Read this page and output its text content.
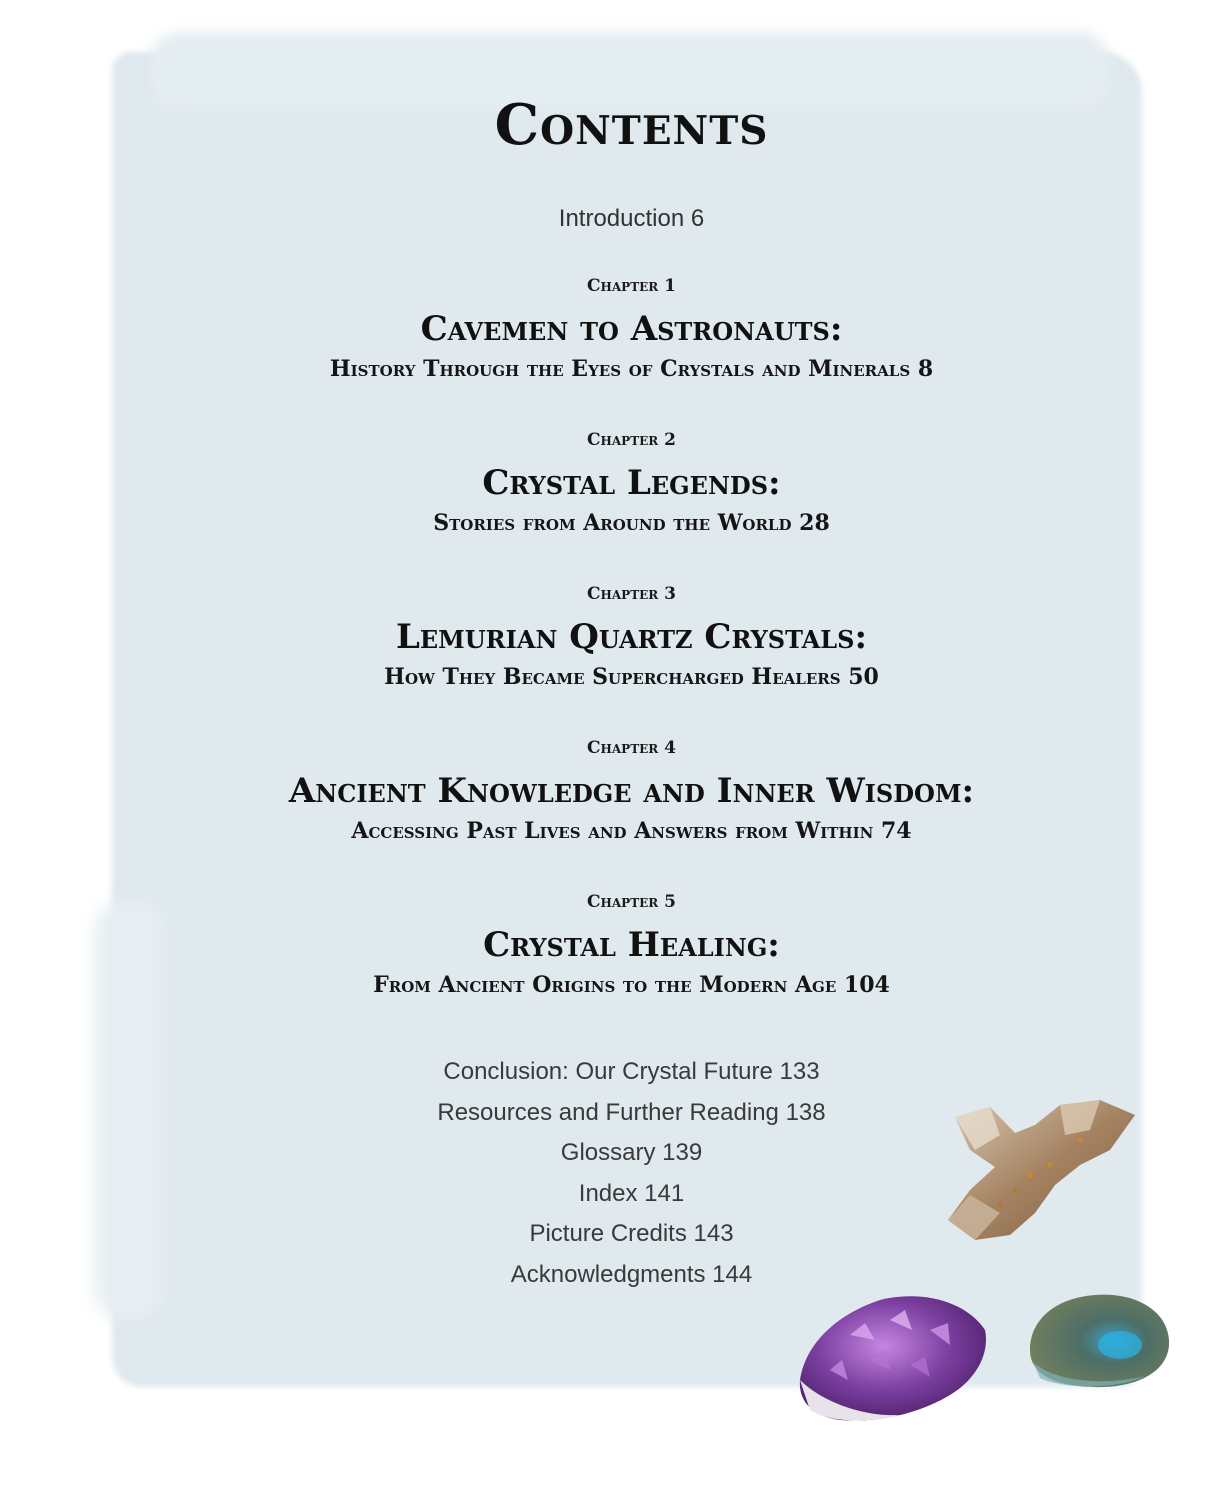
Contents
Introduction 6
Chapter 1
Cavemen to Astronauts:
History Through the Eyes of Crystals and Minerals 8
Chapter 2
Crystal Legends:
Stories from Around the World 28
Chapter 3
Lemurian Quartz Crystals:
How They Became Supercharged Healers 50
Chapter 4
Ancient Knowledge and Inner Wisdom:
Accessing Past Lives and Answers from Within 74
Chapter 5
Crystal Healing:
From Ancient Origins to the Modern Age 104
Conclusion: Our Crystal Future 133
Resources and Further Reading 138
Glossary 139
Index 141
Picture Credits 143
Acknowledgments 144
